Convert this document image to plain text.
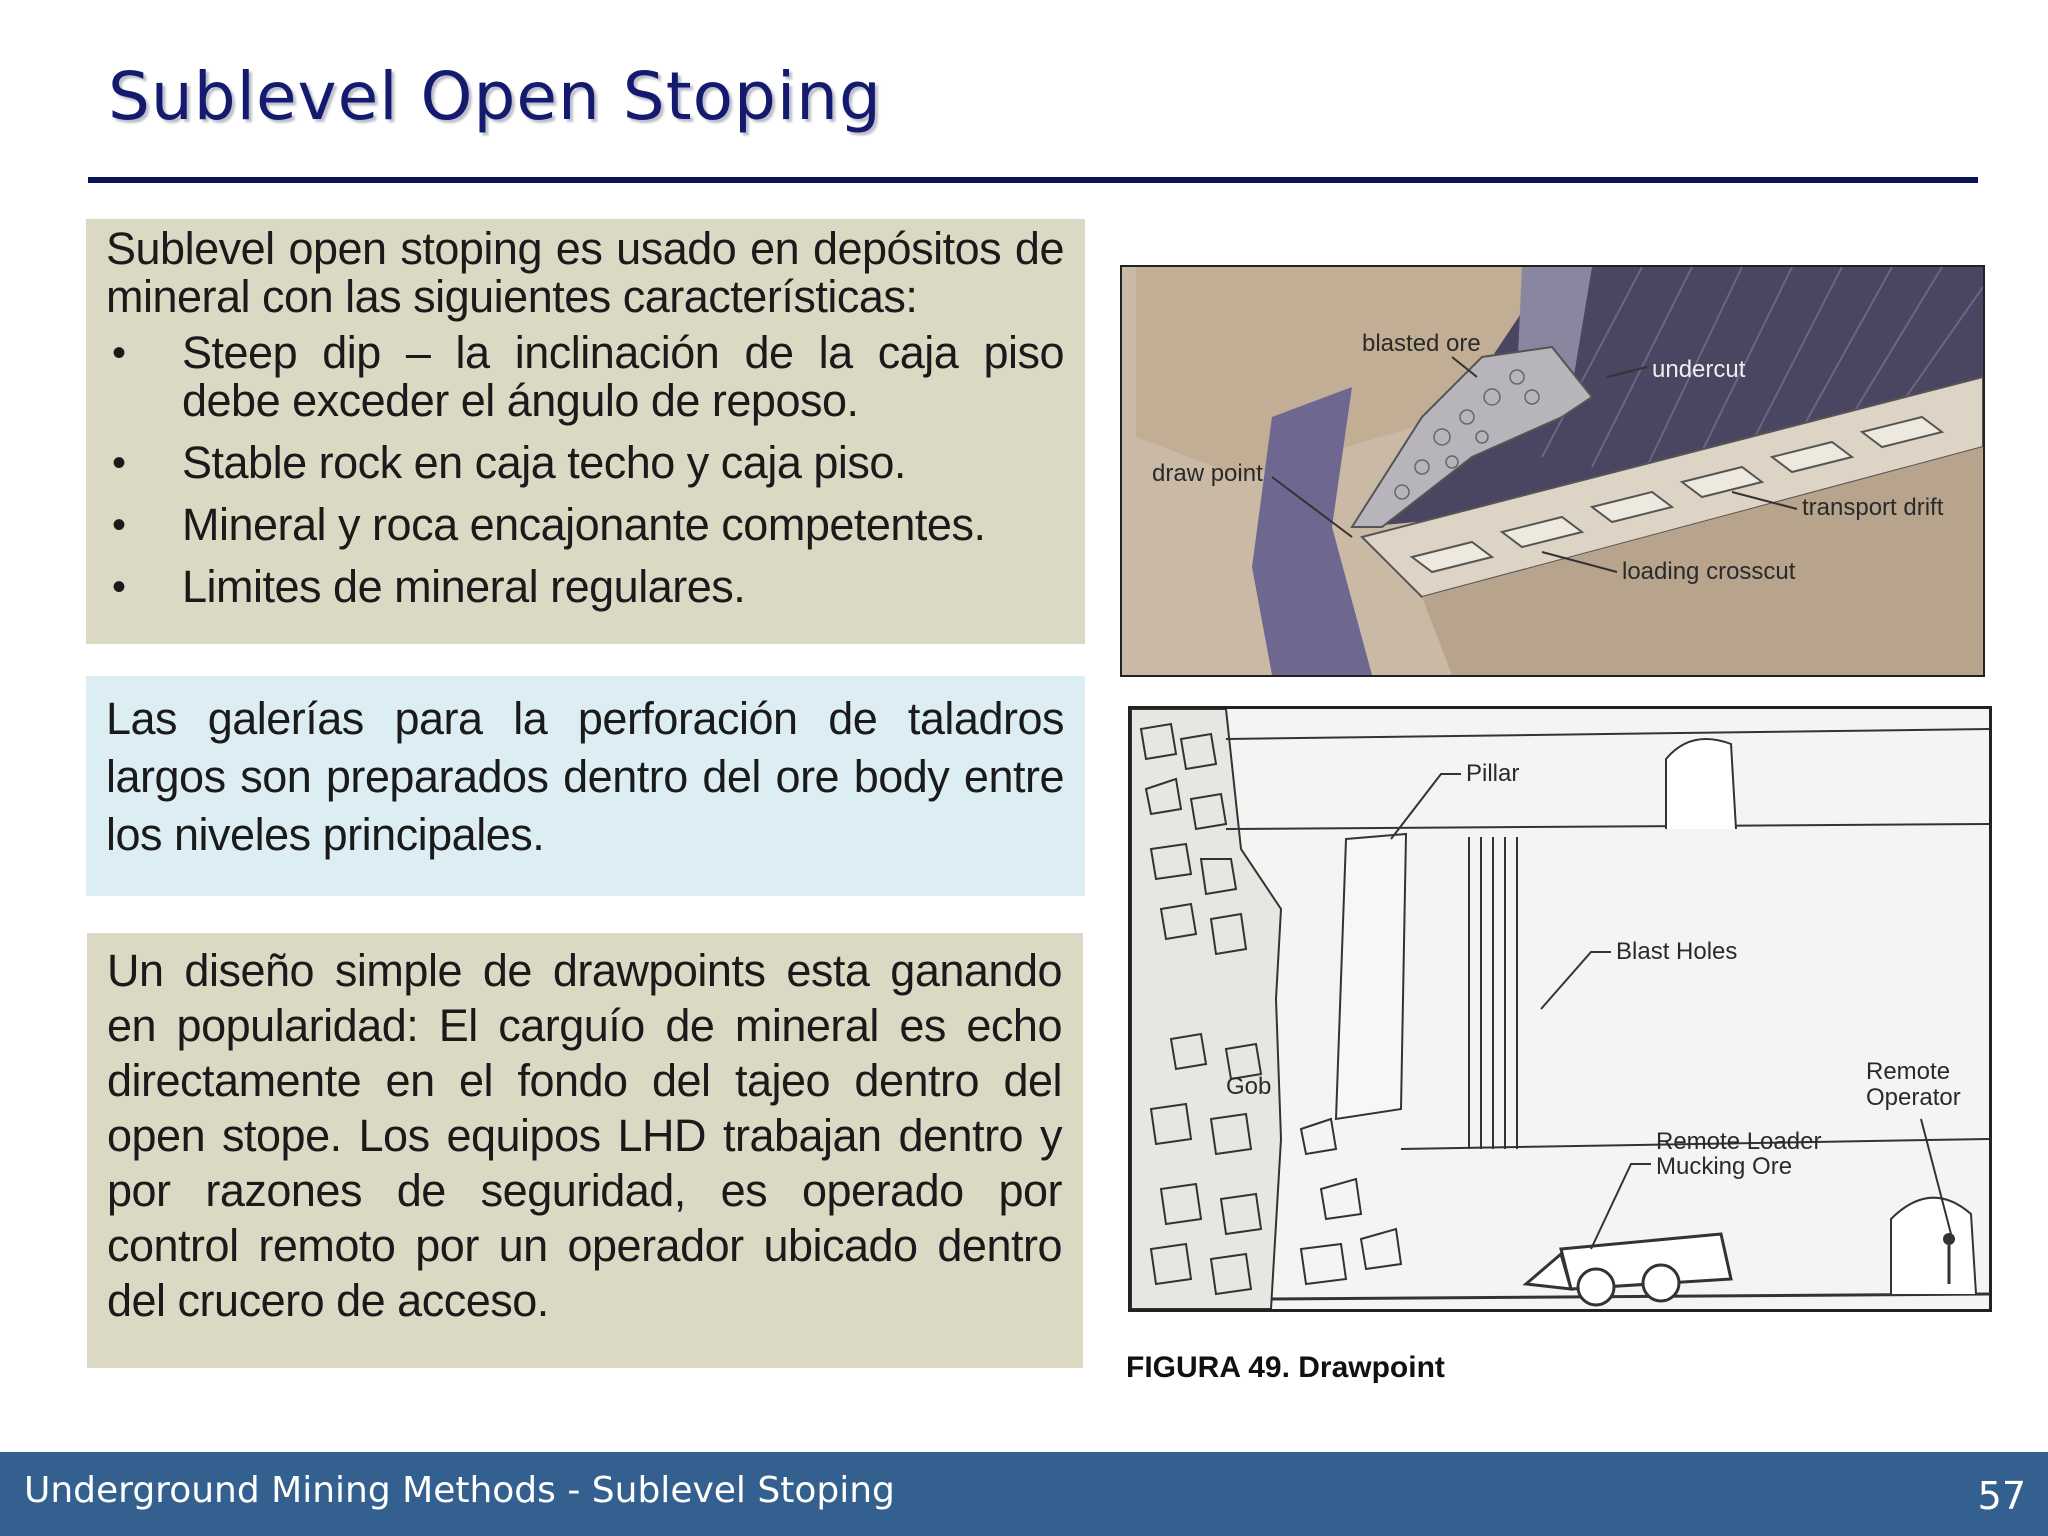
Sublevel Open Stoping
Sublevel open stoping es usado en depósitos de mineral con las siguientes características:
• Steep dip – la inclinación de la caja piso debe exceder el ángulo de reposo.
• Stable rock en caja techo y caja piso.
• Mineral y roca encajonante competentes.
• Limites de mineral regulares.
Las galerías para la perforación de taladros largos son preparados dentro del ore body entre los niveles principales.
Un diseño simple de drawpoints esta ganando en popularidad: El carguío de mineral es echo directamente en el fondo del tajeo dentro del open stope. Los equipos LHD trabajan dentro y por razones de seguridad, es operado por control remoto por un operador ubicado dentro del crucero de acceso.
blasted ore
undercut
draw point
transport drift
loading crosscut
Pillar
Blast Holes
Gob
Remote
Operator
Remote Loader
Mucking Ore
FIGURA 49. Drawpoint
Underground Mining Methods - Sublevel Stoping	57
